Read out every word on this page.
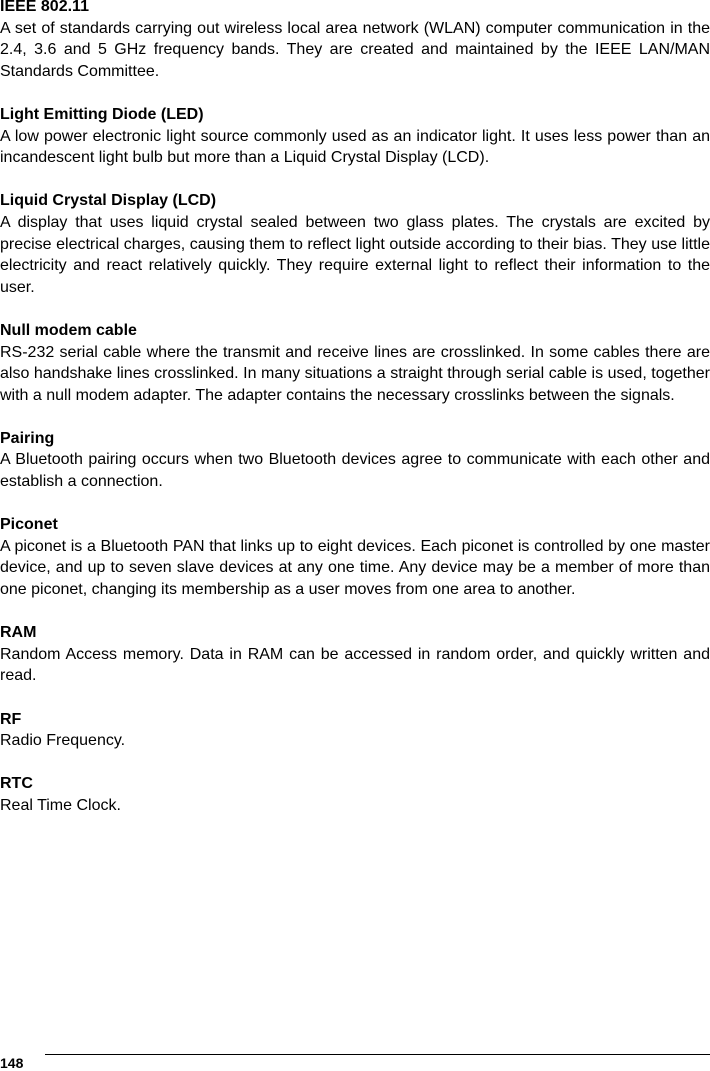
IEEE 802.11

A set of standards carrying out wireless local area network (WLAN) computer communication in the 2.4, 3.6 and 5 GHz frequency bands. They are created and maintained by the IEEE LAN/MAN Standards Committee.

Light Emitting Diode (LED)

A low power electronic light source commonly used as an indicator light. It uses less power than an incandescent light bulb but more than a Liquid Crystal Display (LCD).

Liquid Crystal Display (LCD)

A display that uses liquid crystal sealed between two glass plates. The crystals are excited by precise electrical charges, causing them to reflect light outside according to their bias. They use little electricity and react relatively quickly. They require external light to reflect their information to the user.

Null modem cable

RS-232 serial cable where the transmit and receive lines are crosslinked. In some cables there are also handshake lines crosslinked. In many situations a straight through serial cable is used, together with a null modem adapter. The adapter contains the necessary crosslinks between the signals.

Pairing

A Bluetooth pairing occurs when two Bluetooth devices agree to communicate with each other and establish a connection.

Piconet

A piconet is a Bluetooth PAN that links up to eight devices. Each piconet is controlled by one master device, and up to seven slave devices at any one time. Any device may be a member of more than one piconet, changing its membership as a user moves from one area to another.

RAM

Random Access memory. Data in RAM can be accessed in random order, and quickly written and read.

RF

Radio Frequency.

RTC

Real Time Clock.

148
